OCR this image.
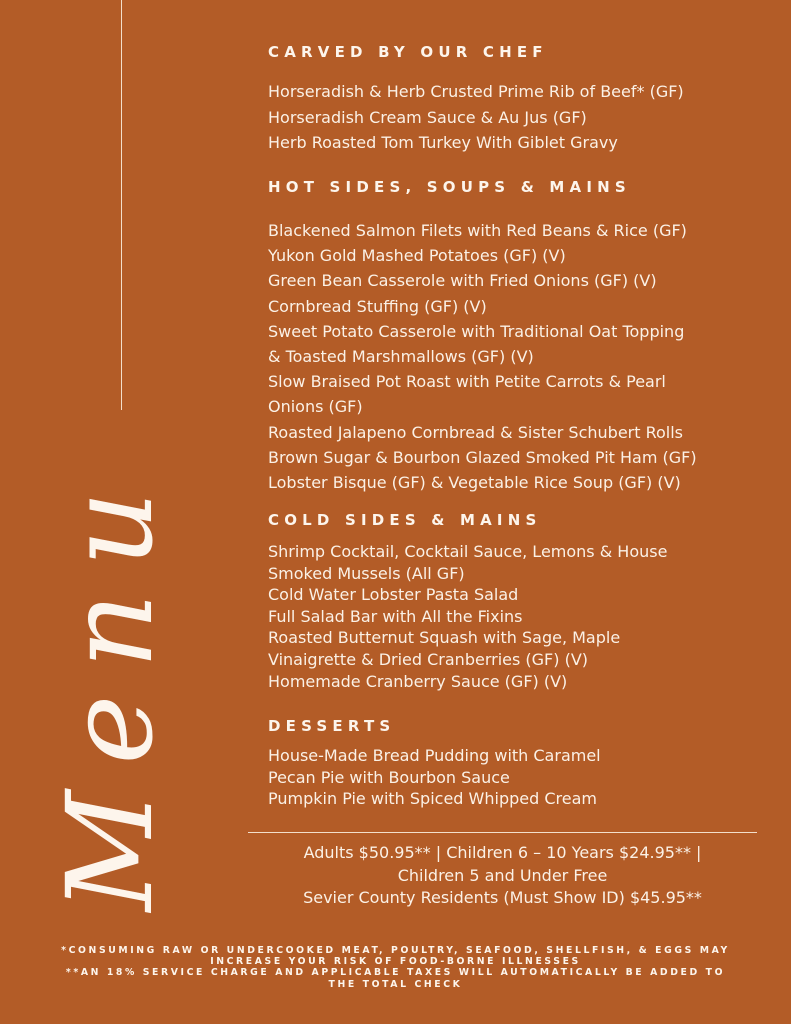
Menu
CARVED BY OUR CHEF
Horseradish & Herb Crusted Prime Rib of Beef* (GF)
Horseradish Cream Sauce & Au Jus (GF)
Herb Roasted Tom Turkey With Giblet Gravy
HOT SIDES, SOUPS & MAINS
Blackened Salmon Filets with Red Beans & Rice (GF)
Yukon Gold Mashed Potatoes (GF) (V)
Green Bean Casserole with Fried Onions (GF) (V)
Cornbread Stuffing (GF) (V)
Sweet Potato Casserole with Traditional Oat Topping
& Toasted Marshmallows (GF) (V)
Slow Braised Pot Roast with Petite Carrots & Pearl
Onions (GF)
Roasted Jalapeno Cornbread & Sister Schubert Rolls
Brown Sugar & Bourbon Glazed Smoked Pit Ham (GF)
Lobster Bisque (GF) & Vegetable Rice Soup (GF) (V)
COLD SIDES & MAINS
Shrimp Cocktail, Cocktail Sauce, Lemons & House
Smoked Mussels (All GF)
Cold Water Lobster Pasta Salad
Full Salad Bar with All the Fixins
Roasted Butternut Squash with Sage, Maple
Vinaigrette & Dried Cranberries (GF) (V)
Homemade Cranberry Sauce (GF) (V)
DESSERTS
House-Made Bread Pudding with Caramel
Pecan Pie with Bourbon Sauce
Pumpkin Pie with Spiced Whipped Cream
Adults $50.95** | Children 6 – 10 Years $24.95** |
Children 5 and Under Free
Sevier County Residents (Must Show ID) $45.95**
*CONSUMING RAW OR UNDERCOOKED MEAT, POULTRY, SEAFOOD, SHELLFISH, & EGGS MAY
INCREASE YOUR RISK OF FOOD-BORNE ILLNESSES
**AN 18% SERVICE CHARGE AND APPLICABLE TAXES WILL AUTOMATICALLY BE ADDED TO
THE TOTAL CHECK
